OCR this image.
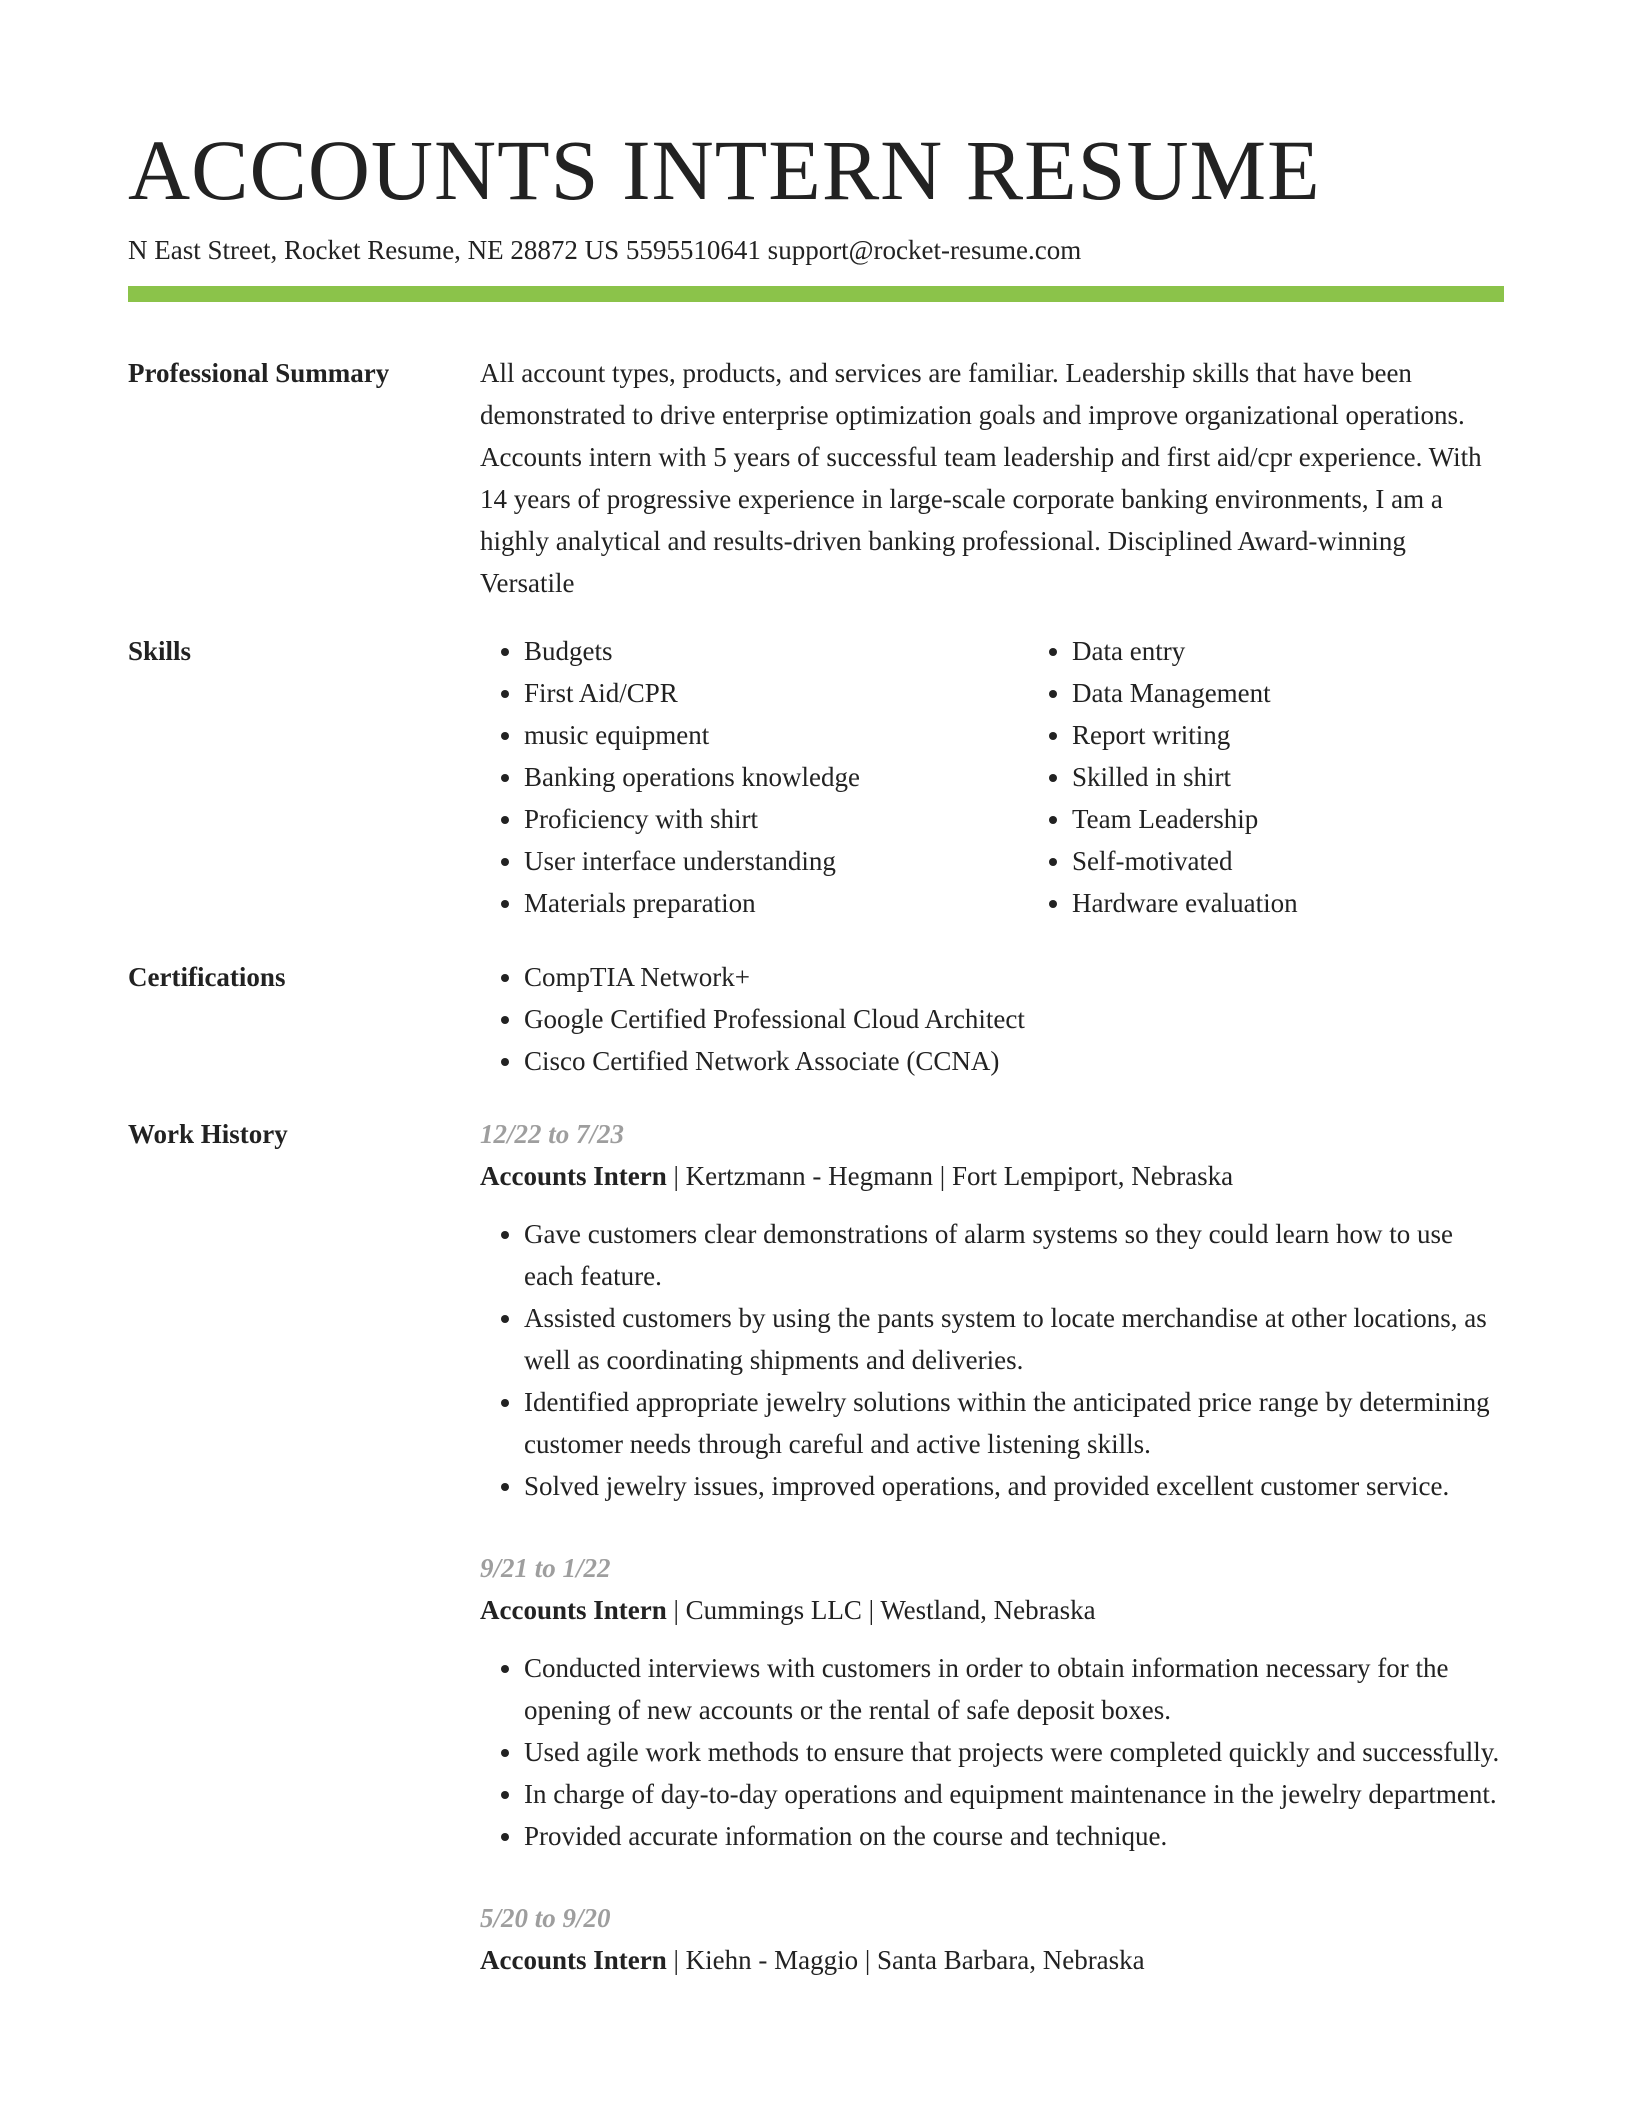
ACCOUNTS INTERN RESUME
N East Street, Rocket Resume, NE 28872 US 5595510641 support@rocket-resume.com
Professional Summary	All account types, products, and services are familiar. Leadership skills that have been demonstrated to drive enterprise optimization goals and improve organizational operations. Accounts intern with 5 years of successful team leadership and first aid/cpr experience. With 14 years of progressive experience in large-scale corporate banking environments, I am a highly analytical and results-driven banking professional. Disciplined Award-winning Versatile

Skills	• Budgets
• First Aid/CPR
• music equipment
• Banking operations knowledge
• Proficiency with shirt
• User interface understanding
• Materials preparation
• Data entry
• Data Management
• Report writing
• Skilled in shirt
• Team Leadership
• Self-motivated
• Hardware evaluation
Certifications	• CompTIA Network+
• Google Certified Professional Cloud Architect
• Cisco Certified Network Associate (CCNA)
Work History	12/22 to 7/23
Accounts Intern | Kertzmann - Hegmann | Fort Lempiport, Nebraska
• Gave customers clear demonstrations of alarm systems so they could learn how to use each feature.
• Assisted customers by using the pants system to locate merchandise at other locations, as well as coordinating shipments and deliveries.
• Identified appropriate jewelry solutions within the anticipated price range by determining customer needs through careful and active listening skills.
• Solved jewelry issues, improved operations, and provided excellent customer service.
9/21 to 1/22
Accounts Intern | Cummings LLC | Westland, Nebraska
• Conducted interviews with customers in order to obtain information necessary for the opening of new accounts or the rental of safe deposit boxes.
• Used agile work methods to ensure that projects were completed quickly and successfully.
• In charge of day-to-day operations and equipment maintenance in the jewelry department.
• Provided accurate information on the course and technique.
5/20 to 9/20
Accounts Intern | Kiehn - Maggio | Santa Barbara, Nebraska
